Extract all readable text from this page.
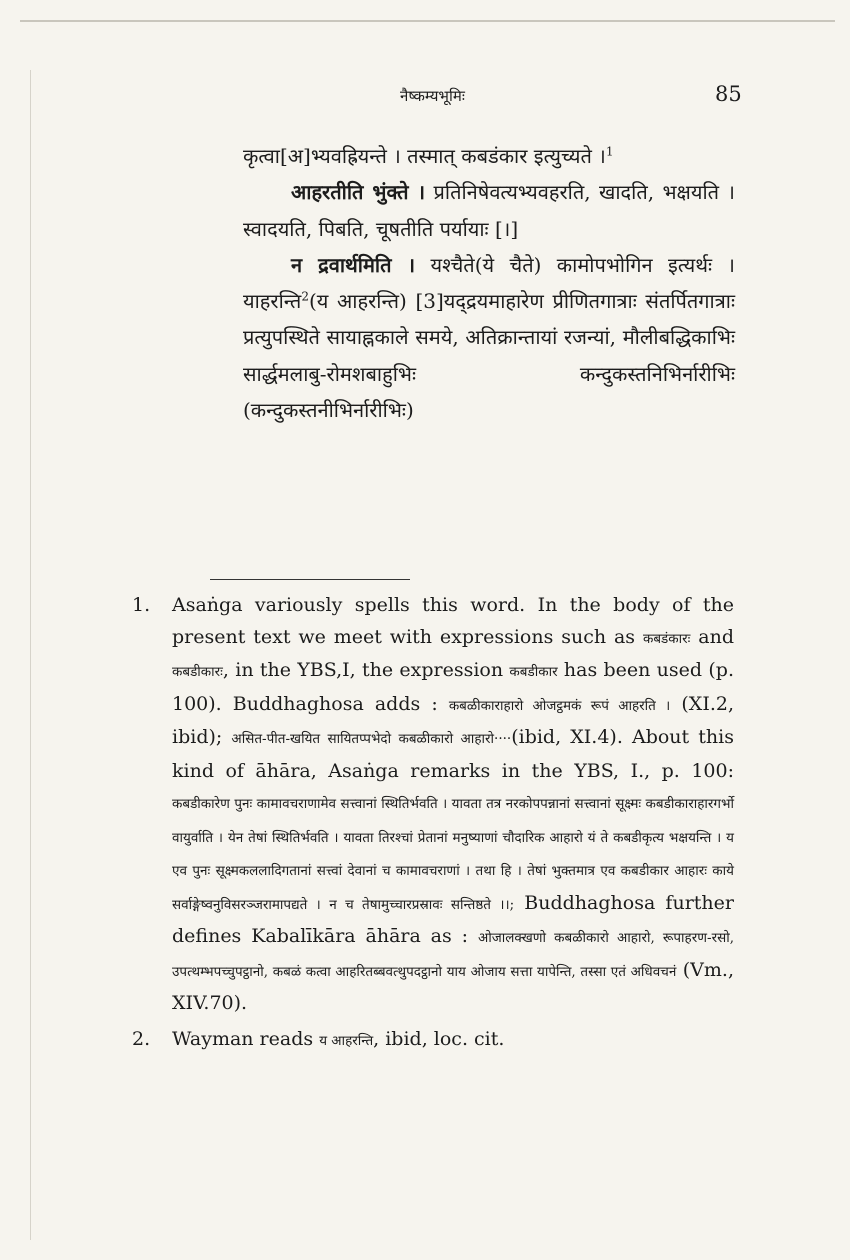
नैष्कम्यभूमिः	85

कृत्वा[अ]भ्यवह्रियन्ते । तस्मात् कबडंकार इत्युच्यते ।$^1$

आहरतीति भुंक्ते । प्रतिनिषेवत्यभ्यवहरति, खादति, भक्षयति । स्वादयति, पिबति, चूषतीति पर्यायाः [।]

न द्रवार्थमिति । यश्चैते(ये चैते) कामोपभोगिन इत्यर्थः । याहरन्ति$^2$(य आहरन्ति) [3]यद्द्रयमाहारेण प्रीणितगात्राः संतर्पितगात्राः प्रत्युपस्थिते सायाह्नकाले समये, अतिक्रान्तायां रजन्यां, मौलीबद्धिकाभिः सार्द्धमलाबु-रोमशबाहुभिः कन्दुकस्तनिभिर्नारीभिः (कन्दुकस्तनीभिर्नारीभिः)

1. Asaṅga variously spells this word. In the body of the present text we meet with expressions such as कबडंकारः and कबडीकारः, in the YBS,I, the expression कबडीकार has been used (p. 100). Buddhaghosa adds : कबळीकाराहारो ओजट्ठमकं रूपं आहरति । (XI.2, ibid); असित-पीत-खयित सायितप्पभेदो कबळीकारो आहारो····(ibid, XI.4). About this kind of āhāra, Asaṅga remarks in the YBS, I., p. 100: कबडीकारेण पुनः कामावचराणामेव सत्त्वानां स्थितिर्भवति । यावता तत्र नरकोपपन्नानां सत्त्वानां सूक्ष्मः कबडीकाराहारगर्भो वायुर्वाति । येन तेषां स्थितिर्भवति । यावता तिरश्चां प्रेतानां मनुष्याणां चौदारिक आहारो यं ते कबडीकृत्य भक्षयन्ति । य एव पुनः सूक्ष्मकललादिगतानां सत्त्वां देवानां च कामावचराणां । तथा हि । तेषां भुक्तमात्र एव कबडीकार आहारः काये सर्वाङ्गेष्वनुविसरञ्जरामापद्यते । न च तेषामुच्चारप्रस्रावः सन्तिष्ठते ।।; Buddhaghosa further defines Kabalīkāra āhāra as : ओजालक्खणो कबळीकारो आहारो, रूपाहरण-रसो, उपत्थम्भपच्चुपट्ठानो, कबळं कत्वा आहरितब्बवत्थुपदट्ठानो याय ओजाय सत्ता यापेन्ति, तस्सा एतं अधिवचनं (Vm., XIV.70).

2. Wayman reads य आहरन्ति, ibid, loc. cit.
